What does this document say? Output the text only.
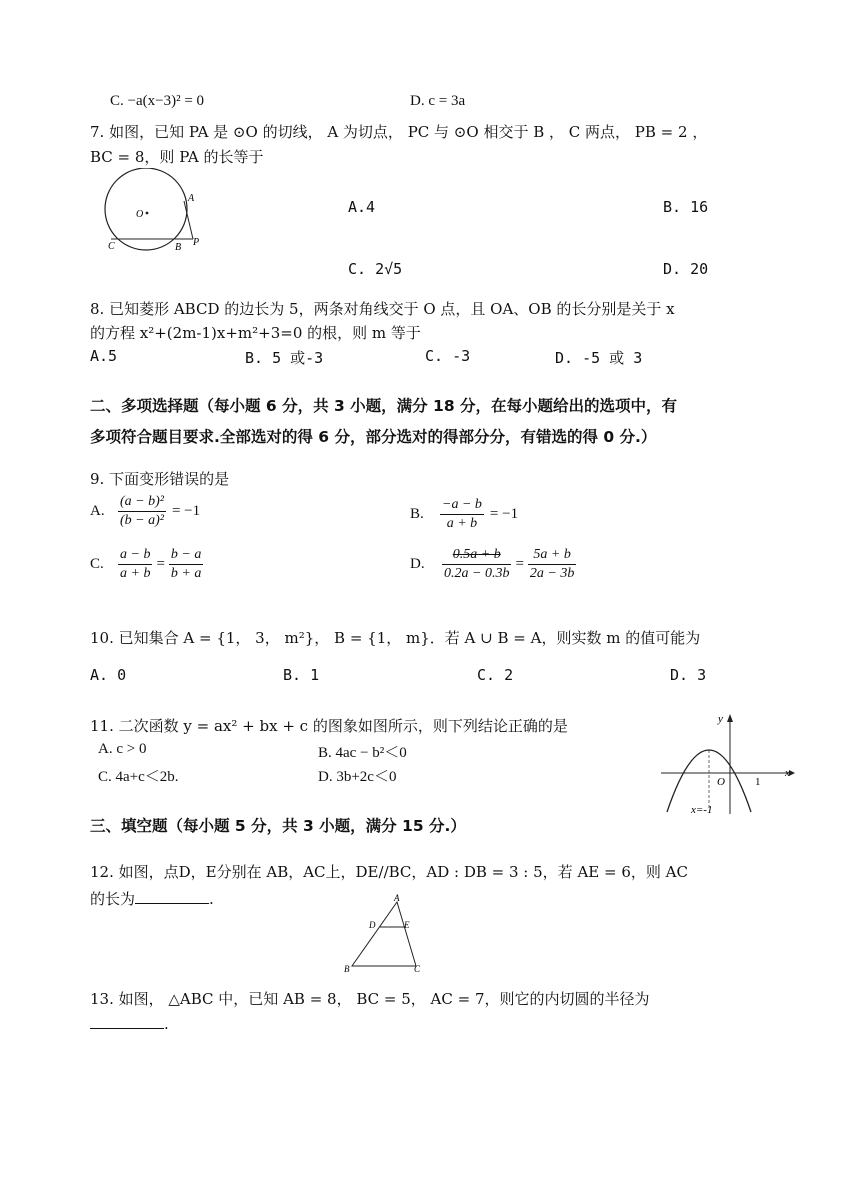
C. −a(x−3)² = 0	D. c = 3a
7. 如图，已知 PA 是 ⊙O 的切线， A 为切点， PC 与 ⊙O 相交于 B ， C 两点， PB = 2 ，
BC = 8，则 PA 的长等于
O
A
C	B P
A.4	B. 16
C. 2√5	D. 20
8. 已知菱形 ABCD 的边长为 5，两条对角线交于 O 点，且 OA、OB 的长分别是关于 x
的方程 x²+(2m-1)x+m²+3=0 的根，则 m 等于
A.5	B. 5 或-3	C. -3	D. -5 或 3
二、多项选择题（每小题 6 分，共 3 小题，满分 18 分，在每小题给出的选项中，有
多项符合题目要求.全部选对的得 6 分，部分选对的得部分分，有错选的得 0 分.）
9. 下面变形错误的是
A. $\frac{\text{(a − b)²}}{\text{(b − a)²}} = -1$	B.	$\frac{-a - b}{a + b} = -1$
C.	$\frac{a - b}{a + b} = \frac{b - a}{b + a}$	D.	$\frac{0.5a + b}{0.2a - 0.3b} = \frac{5a + b}{2a - 3b}$
10. 已知集合 A = {1， 3， m²}， B = {1， m}．若 A ∪ B = A，则实数 m 的值可能为
A. 0	B. 1	C. 2	D. 3
11. 二次函数 y = ax² + bx + c 的图象如图所示，则下列结论正确的是
A. c > 0	B. 4ac − b²＜0
C. 4a+c＜2b.	D. 3b+2c＜0	x
y
O	1
x=-1
三、填空题（每小题 5 分，共 3 小题，满分 15 分.）
12. 如图，点D，E分别在 AB，AC上，DE//BC，AD : DB = 3 : 5，若 AE = 6，则 AC
的长为	.	A
D	E
B	C
13. 如图， △ABC 中，已知 AB = 8， BC = 5， AC = 7，则它的内切圆的半径为
.
